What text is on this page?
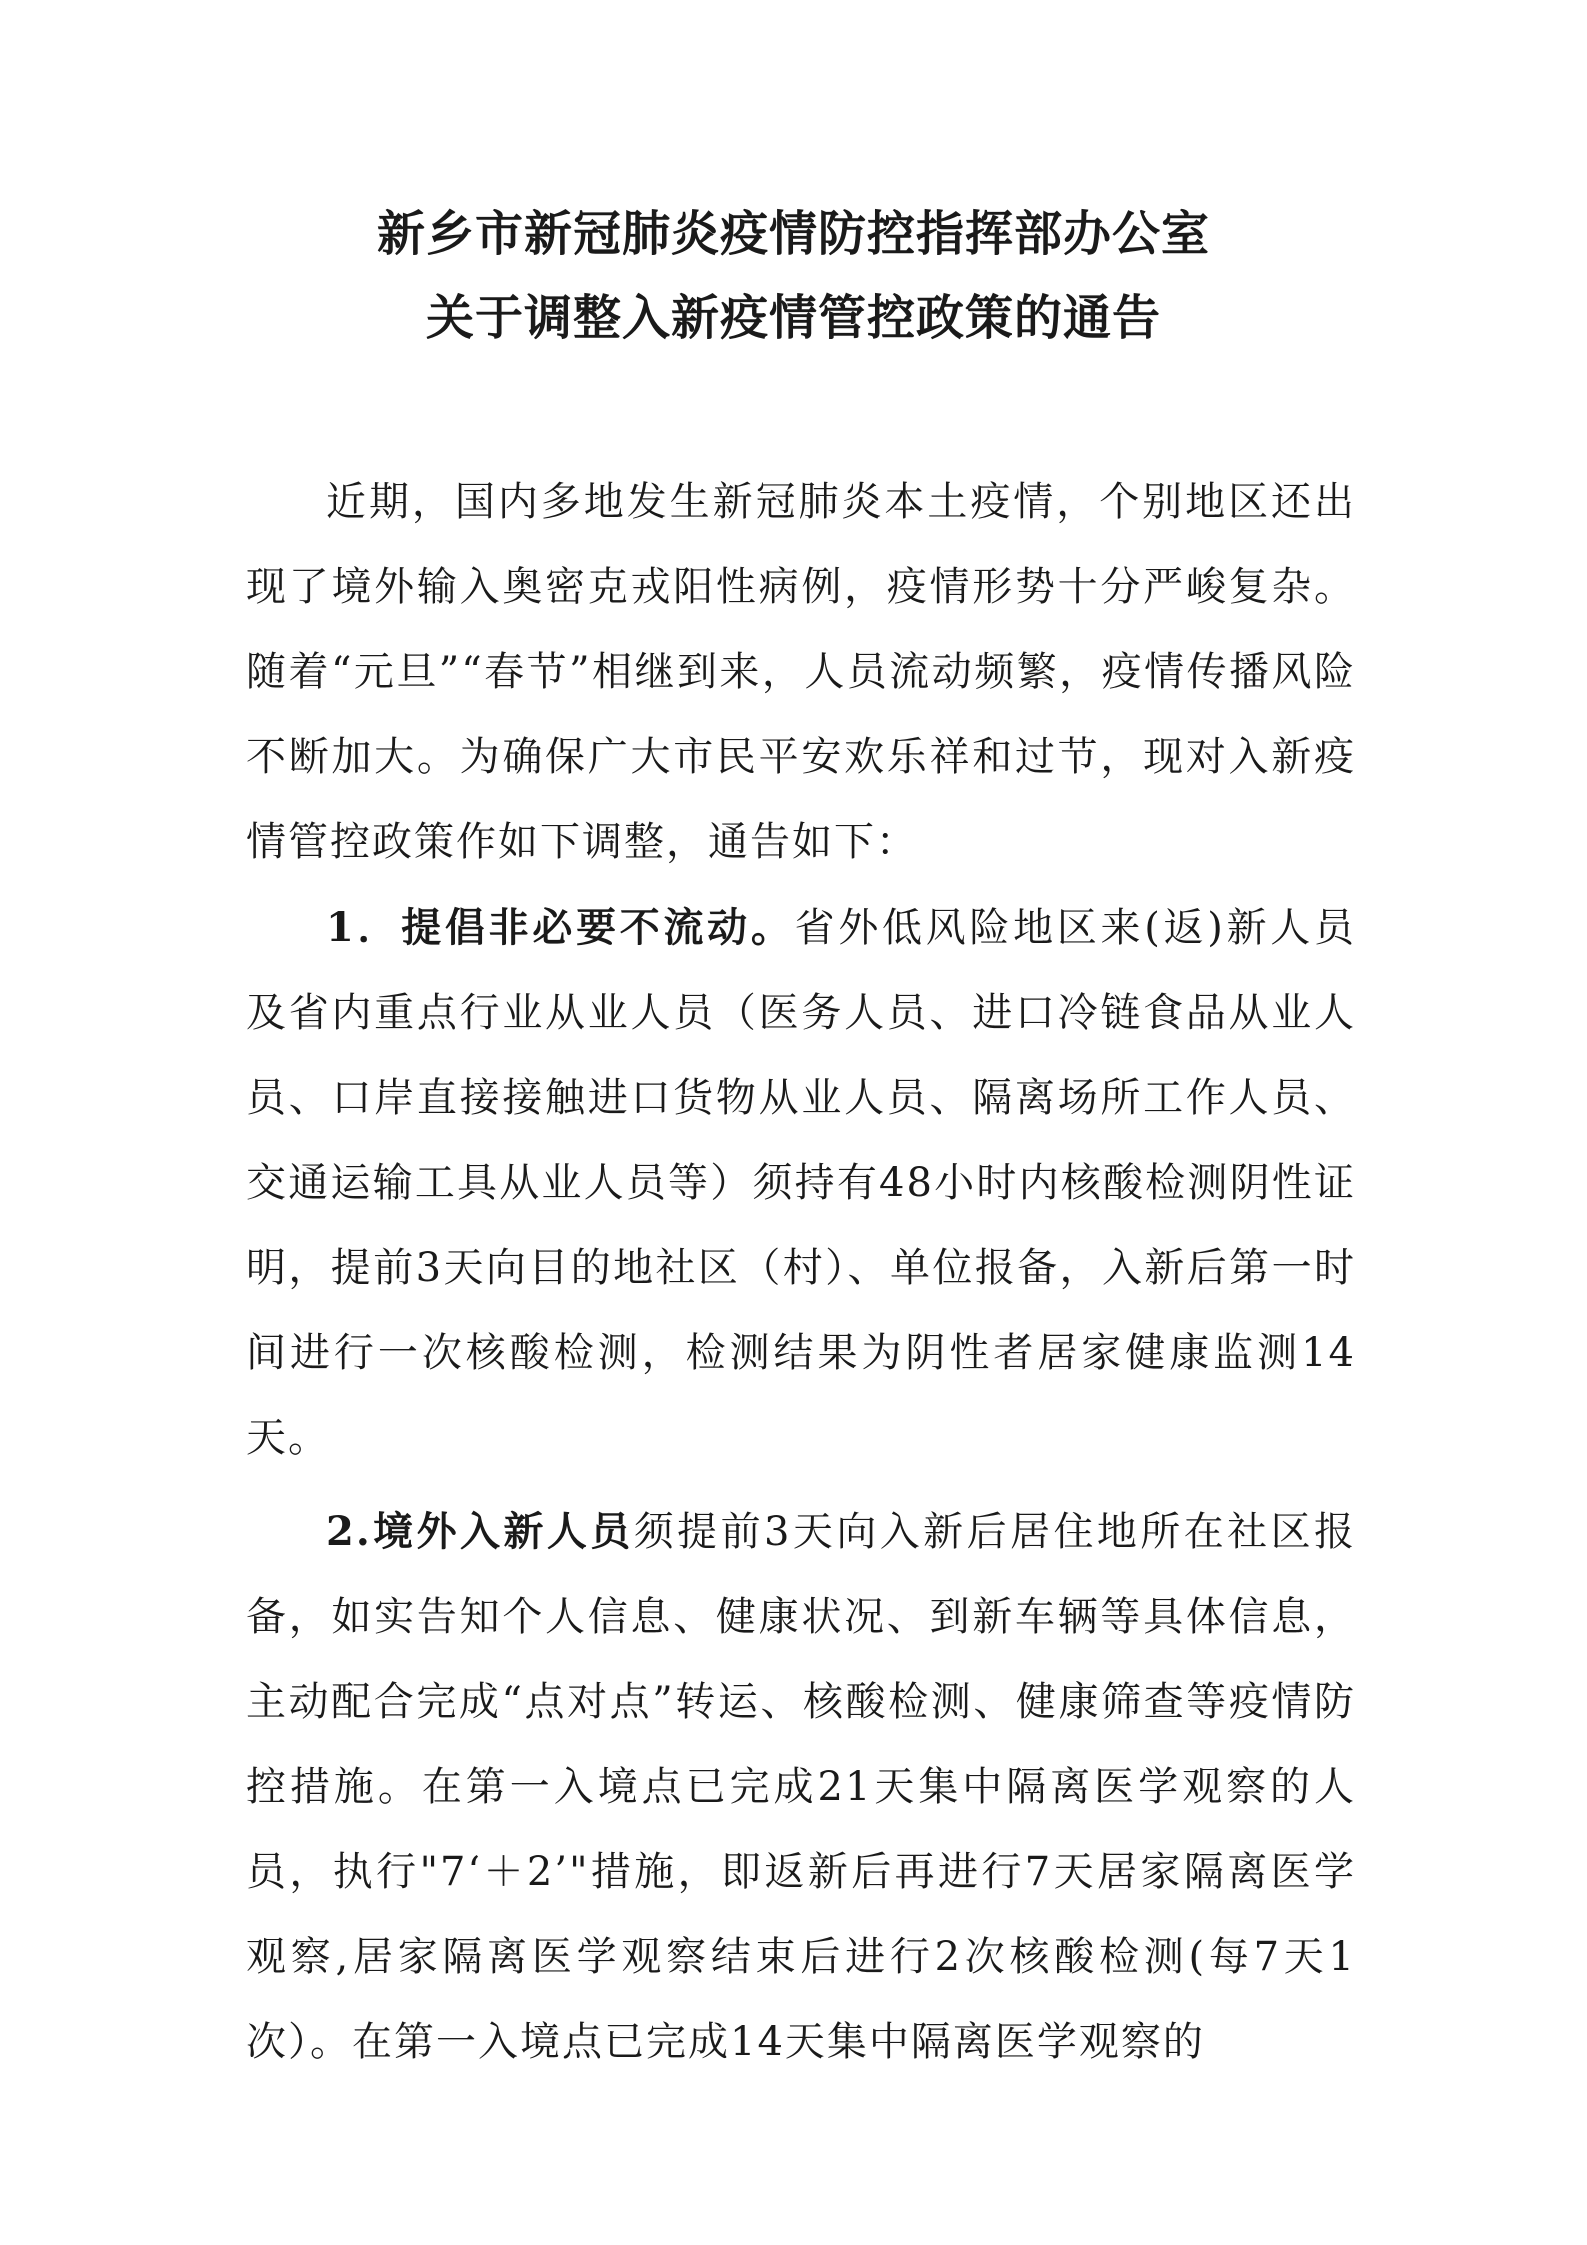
新乡市新冠肺炎疫情防控指挥部办公室
关于调整入新疫情管控政策的通告

近期，国内多地发生新冠肺炎本土疫情，个别地区还出现了境外输入奥密克戎阳性病例，疫情形势十分严峻复杂。随着“元旦”“春节”相继到来，人员流动频繁，疫情传播风险不断加大。为确保广大市民平安欢乐祥和过节，现对入新疫情管控政策作如下调整，通告如下：

1．提倡非必要不流动。省外低风险地区来(返)新人员及省内重点行业从业人员（医务人员、进口冷链食品从业人员、口岸直接接触进口货物从业人员、隔离场所工作人员、交通运输工具从业人员等）须持有48小时内核酸检测阴性证明，提前3天向目的地社区（村）、单位报备，入新后第一时间进行一次核酸检测，检测结果为阴性者居家健康监测14天。

2.境外入新人员须提前3天向入新后居住地所在社区报备，如实告知个人信息、健康状况、到新车辆等具体信息，主动配合完成“点对点”转运、核酸检测、健康筛查等疫情防控措施。在第一入境点已完成21天集中隔离医学观察的人员，执行"7‘＋2’"措施，即返新后再进行7天居家隔离医学观察,居家隔离医学观察结束后进行2次核酸检测(每7天1次）。在第一入境点已完成14天集中隔离医学观察的
